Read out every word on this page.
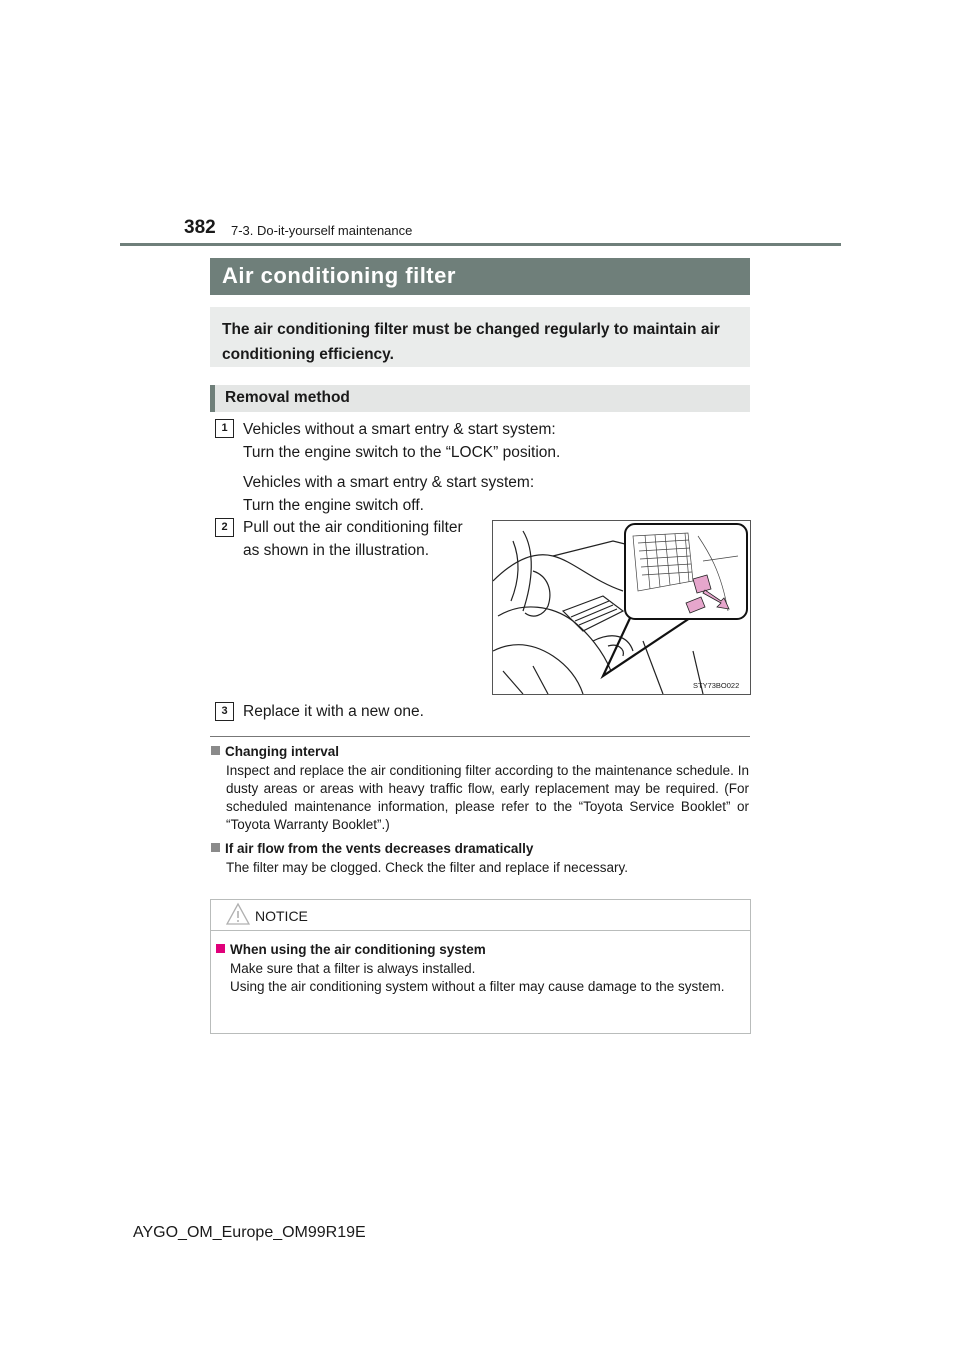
382 7-3. Do-it-yourself maintenance
Air conditioning filter
The air conditioning filter must be changed regularly to maintain air conditioning efficiency.
Removal method
1 Vehicles without a smart entry & start system:
Turn the engine switch to the “LOCK” position.
Vehicles with a smart entry & start system:
Turn the engine switch off.
2 Pull out the air conditioning filter
as shown in the illustration.
STY73BO022
3 Replace it with a new one.
Changing interval
Inspect and replace the air conditioning filter according to the maintenance schedule. In dusty areas or areas with heavy traffic flow, early replacement may be required. (For scheduled maintenance information, please refer to the “Toyota Service Booklet” or “Toyota Warranty Booklet”.)
If air flow from the vents decreases dramatically
The filter may be clogged. Check the filter and replace if necessary.
NOTICE
When using the air conditioning system
Make sure that a filter is always installed.
Using the air conditioning system without a filter may cause damage to the system.
AYGO_OM_Europe_OM99R19E
